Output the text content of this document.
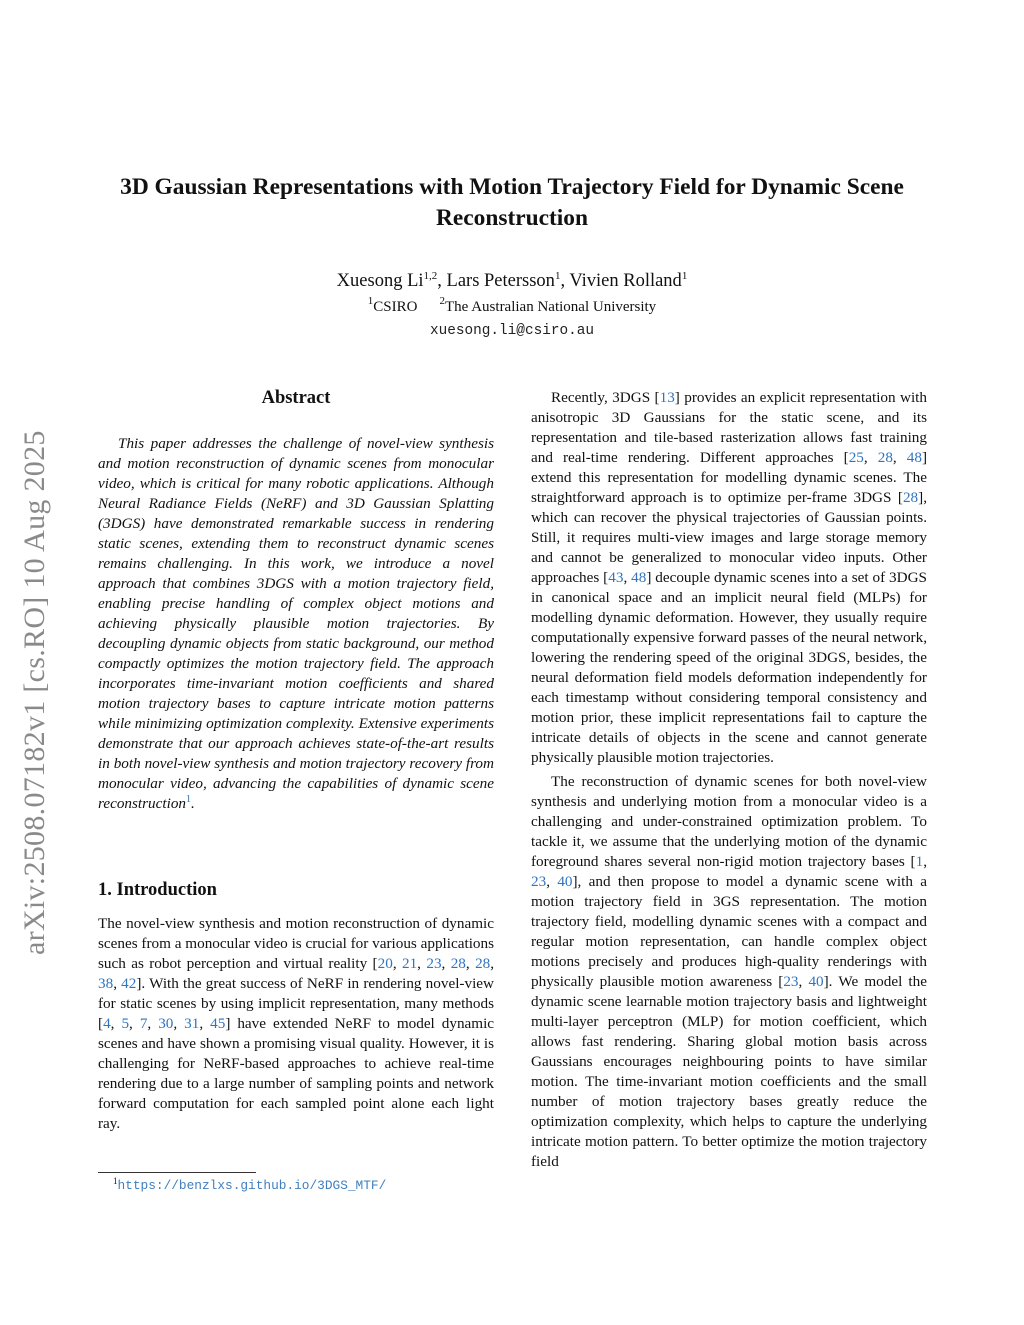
arXiv:2508.07182v1 [cs.RO] 10 Aug 2025
3D Gaussian Representations with Motion Trajectory Field for Dynamic Scene Reconstruction
Xuesong Li$^{1,2}$, Lars Petersson$^1$, Vivien Rolland$^1$
$^1$CSIRO $^2$The Australian National University
xuesong.li@csiro.au
Abstract
This paper addresses the challenge of novel-view synthesis and motion reconstruction of dynamic scenes from monocular video, which is critical for many robotic applications. Although Neural Radiance Fields (NeRF) and 3D Gaussian Splatting (3DGS) have demonstrated remarkable success in rendering static scenes, extending them to reconstruct dynamic scenes remains challenging. In this work, we introduce a novel approach that combines 3DGS with a motion trajectory field, enabling precise handling of complex object motions and achieving physically plausible motion trajectories. By decoupling dynamic objects from static background, our method compactly optimizes the motion trajectory field. The approach incorporates time-invariant motion coefficients and shared motion trajectory bases to capture intricate motion patterns while minimizing optimization complexity. Extensive experiments demonstrate that our approach achieves state-of-the-art results in both novel-view synthesis and motion trajectory recovery from monocular video, advancing the capabilities of dynamic scene reconstruction$^1$.
1. Introduction

The novel-view synthesis and motion reconstruction of dynamic scenes from a monocular video is crucial for various applications such as robot perception and virtual reality [20, 21, 23, 28, 28, 38, 42]. With the great success of NeRF in rendering novel-view for static scenes by using implicit representation, many methods [4, 5, 7, 30, 31, 45] have extended NeRF to model dynamic scenes and have shown a promising visual quality. However, it is challenging for NeRF-based approaches to achieve real-time rendering due to a large number of sampling points and network forward computation for each sampled point alone each light ray.

Recently, 3DGS [13] provides an explicit representation with anisotropic 3D Gaussians for the static scene, and its representation and tile-based rasterization allows fast training and real-time rendering. Different approaches [25, 28, 48] extend this representation for modelling dynamic scenes. The straightforward approach is to optimize per-frame 3DGS [28], which can recover the physical trajectories of Gaussian points. Still, it requires multi-view images and large storage memory and cannot be generalized to monocular video inputs. Other approaches [43, 48] decouple dynamic scenes into a set of 3DGS in canonical space and an implicit neural field (MLPs) for modelling dynamic deformation. However, they usually require computationally expensive forward passes of the neural network, lowering the rendering speed of the original 3DGS, besides, the neural deformation field models deformation independently for each timestamp without considering temporal consistency and motion prior, these implicit representations fail to capture the intricate details of objects in the scene and cannot generate physically plausible motion trajectories.

The reconstruction of dynamic scenes for both novel-view synthesis and underlying motion from a monocular video is a challenging and under-constrained optimization problem. To tackle it, we assume that the underlying motion of the dynamic foreground shares several non-rigid motion trajectory bases [1, 23, 40], and then propose to model a dynamic scene with a motion trajectory field in 3GS representation. The motion trajectory field, modelling dynamic scenes with a compact and regular motion representation, can handle complex object motions precisely and produces high-quality renderings with physically plausible motion awareness [23, 40]. We model the dynamic scene learnable motion trajectory basis and lightweight multi-layer perceptron (MLP) for motion coefficient, which allows fast rendering. Sharing global motion basis across Gaussians encourages neighbouring points to have similar motion. The time-invariant motion coefficients and the small number of motion trajectory bases greatly reduce the optimization complexity, which helps to capture the underlying intricate motion pattern. To better optimize the motion trajectory field

$^1$https://benzlxs.github.io/3DGS_MTF/
